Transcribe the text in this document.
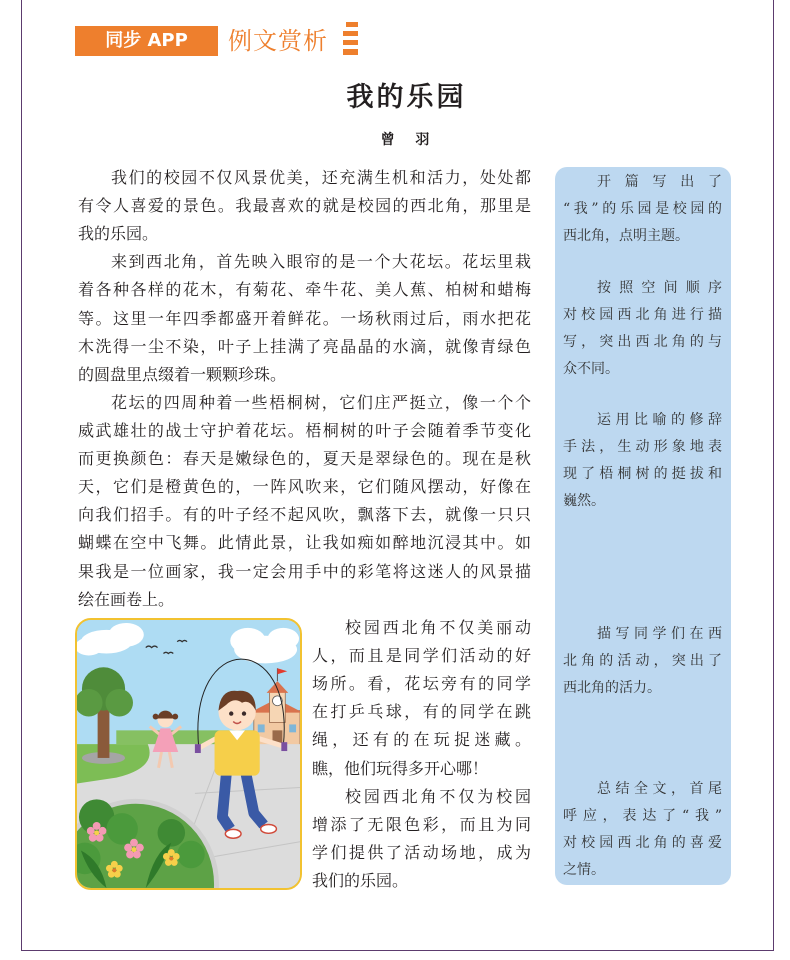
同步 APP	例文赏析
我的乐园
曾 羽
我们的校园不仅风景优美，还充满生机和活力，处处都
有令人喜爱的景色。我最喜欢的就是校园的西北角，那里是
我的乐园。
来到西北角，首先映入眼帘的是一个大花坛。花坛里栽
着各种各样的花木，有菊花、牵牛花、美人蕉、柏树和蜡梅
等。这里一年四季都盛开着鲜花。一场秋雨过后，雨水把花
木洗得一尘不染，叶子上挂满了亮晶晶的水滴，就像青绿色
的圆盘里点缀着一颗颗珍珠。
花坛的四周种着一些梧桐树，它们庄严挺立，像一个个
威武雄壮的战士守护着花坛。梧桐树的叶子会随着季节变化
而更换颜色：春天是嫩绿色的，夏天是翠绿色的。现在是秋
天，它们是橙黄色的，一阵风吹来，它们随风摆动，好像在
向我们招手。有的叶子经不起风吹，飘落下去，就像一只只
蝴蝶在空中飞舞。此情此景，让我如痴如醉地沉浸其中。如
果我是一位画家，我一定会用手中的彩笔将这迷人的风景描
绘在画卷上。
校园西北角不仅美丽动
人，而且是同学们活动的好
场所。看，花坛旁有的同学
在打乒乓球，有的同学在跳
绳，还有的在玩捉迷藏。
瞧，他们玩得多开心哪！
校园西北角不仅为校园
增添了无限色彩，而且为同
学们提供了活动场地，成为
我们的乐园。
开篇写出了
“我”的乐园是校园的
西北角，点明主题。
按照空间顺序
对校园西北角进行描
写，突出西北角的与
众不同。
运用比喻的修辞
手法，生动形象地表
现了梧桐树的挺拔和
巍然。
描写同学们在西
北角的活动，突出了
西北角的活力。
总结全文，首尾
呼应，表达了“我”
对校园西北角的喜爱
之情。
